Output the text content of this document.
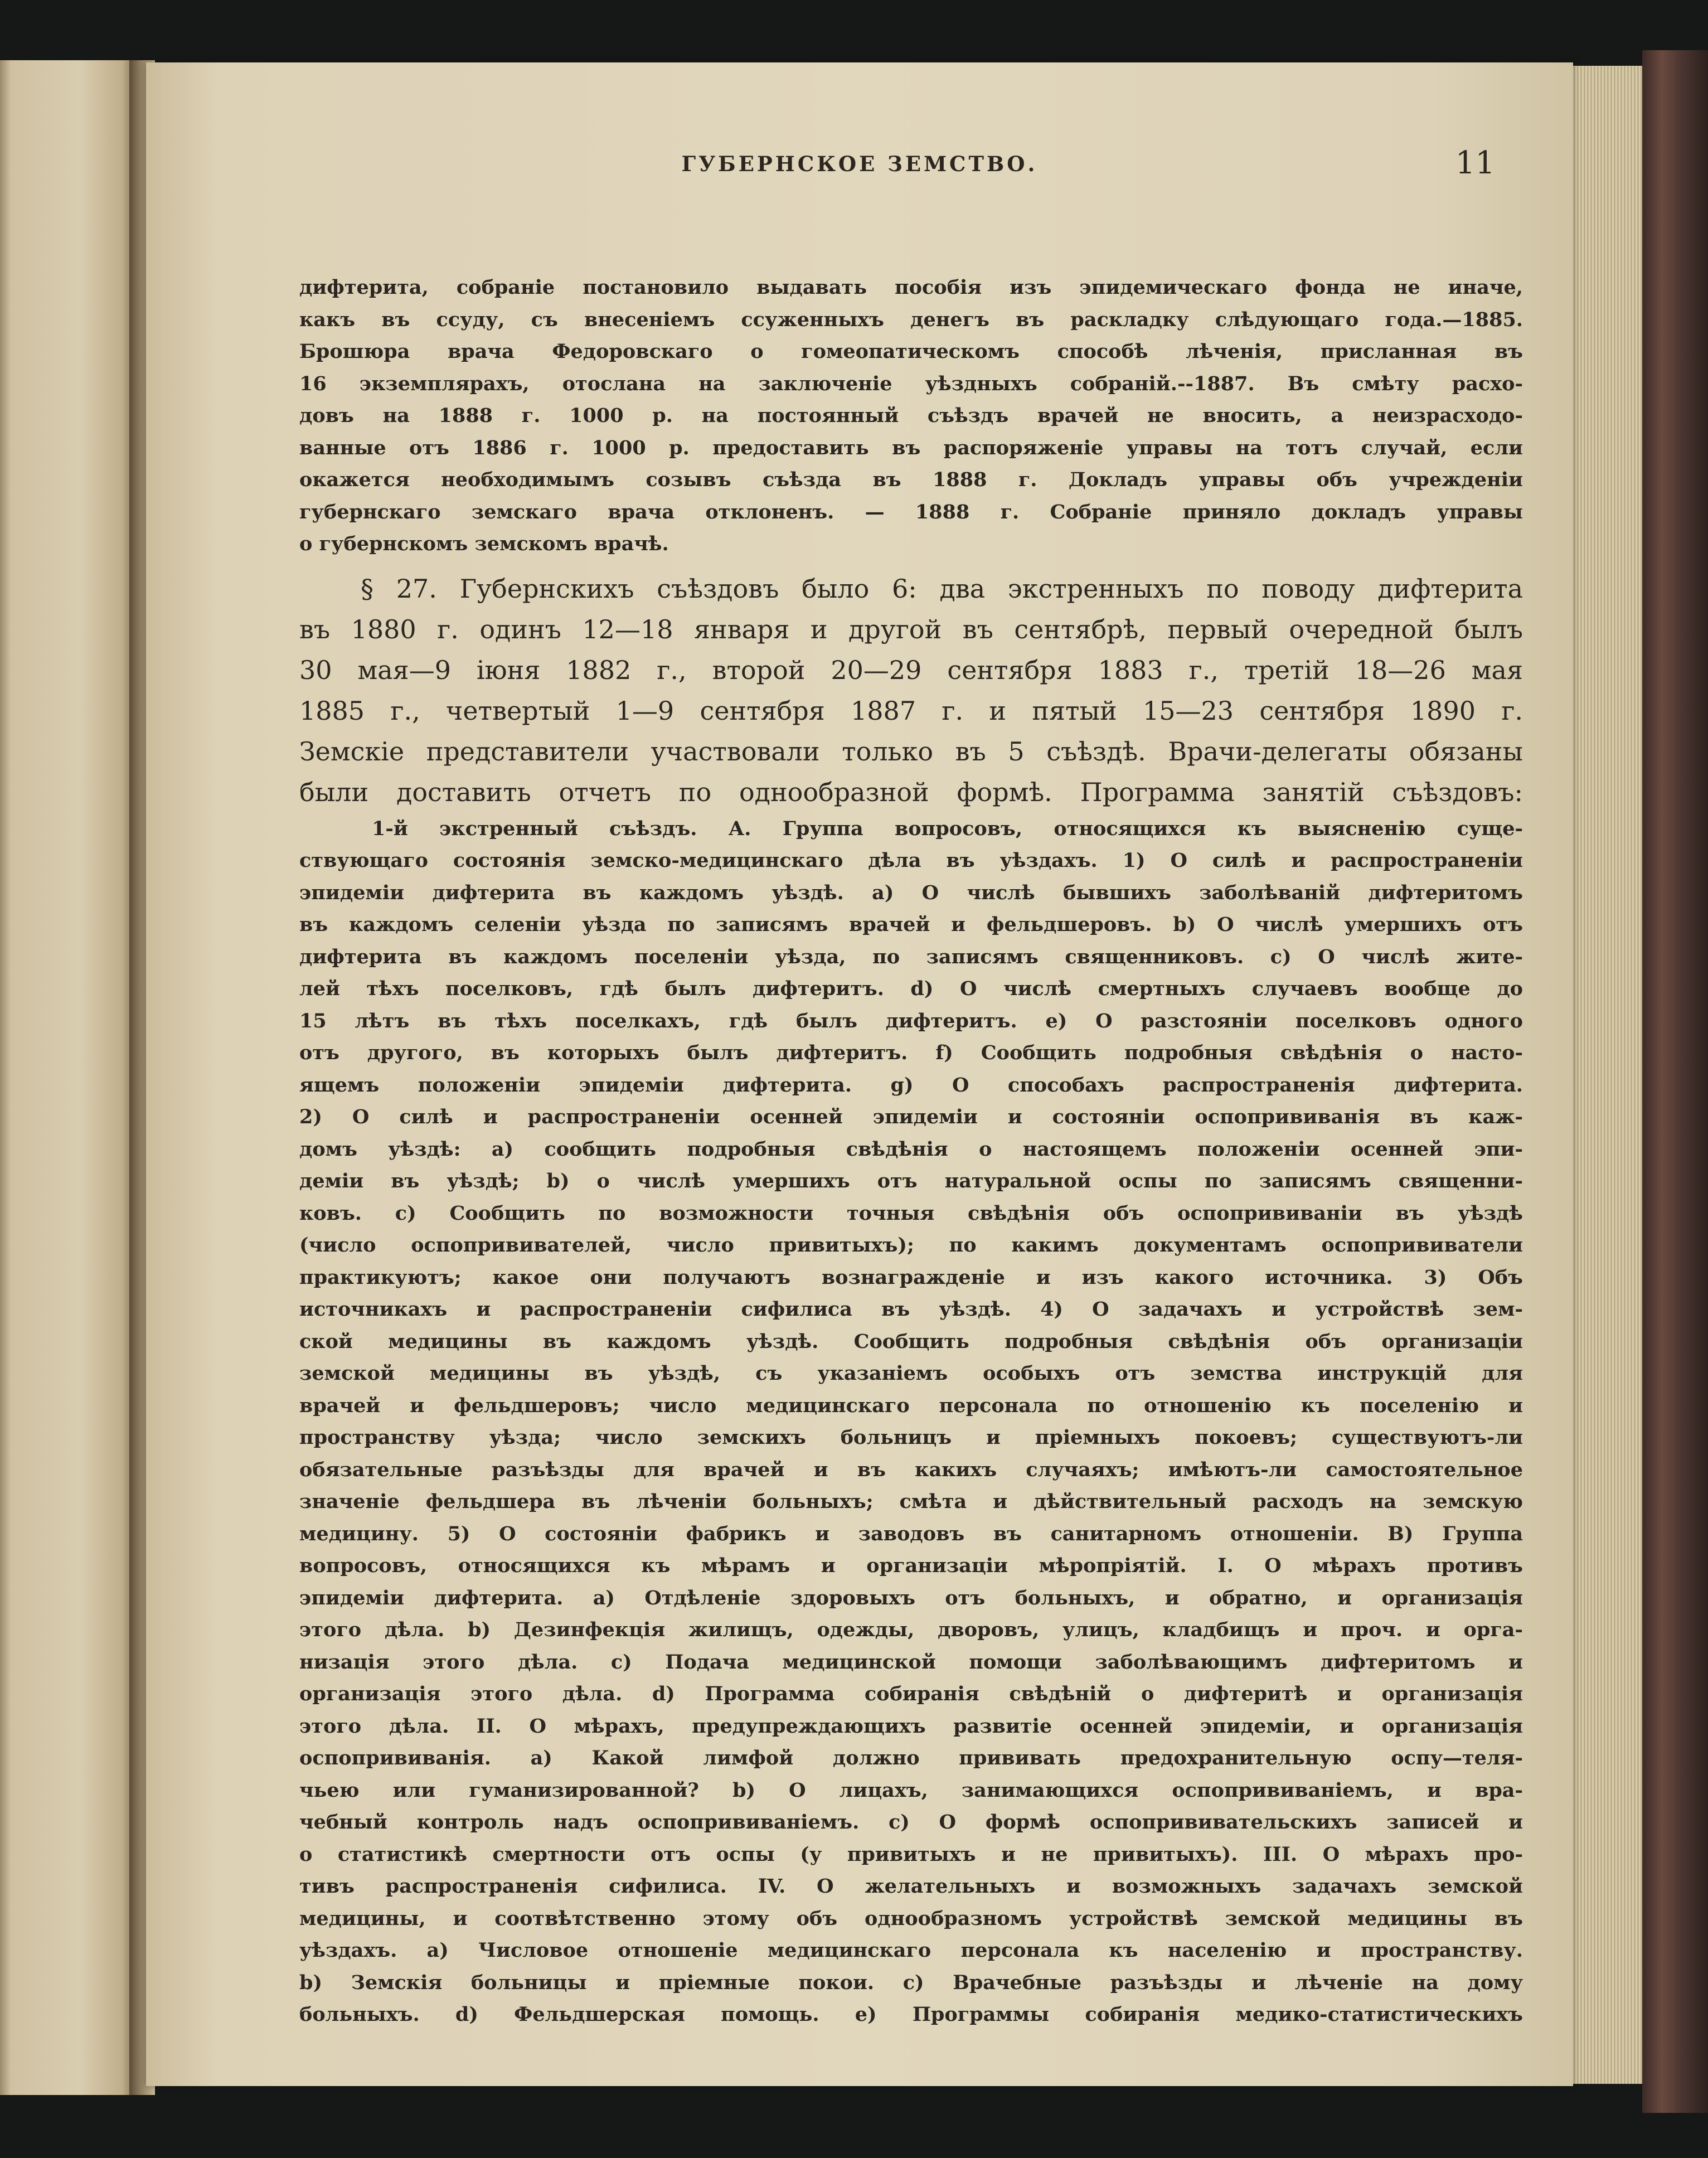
ГУБЕРНСКОЕ ЗЕМСТВО.	11
дифтерита, собраніе постановило выдавать пособія изъ эпидемическаго фонда не иначе,
какъ въ ссуду, съ внесеніемъ ссуженныхъ денегъ въ раскладку слѣдующаго года.—1885.
Брошюра врача Федоровскаго о гомеопатическомъ способѣ лѣченія, присланная въ
16 экземплярахъ, отослана на заключеніе уѣздныхъ собраній.--1887. Въ смѣту расхо-
довъ на 1888 г. 1000 р. на постоянный съѣздъ врачей не вносить, а неизрасходо-
ванные отъ 1886 г. 1000 р. предоставить въ распоряженіе управы на тотъ случай, если
окажется необходимымъ созывъ съѣзда въ 1888 г. Докладъ управы объ учрежденіи
губернскаго земскаго врача отклоненъ. — 1888 г. Собраніе приняло докладъ управы
о губернскомъ земскомъ врачѣ.
§ 27. Губернскихъ съѣздовъ было 6: два экстренныхъ по поводу дифтерита
въ 1880 г. одинъ 12—18 января и другой въ сентябрѣ, первый очередной былъ
30 мая—9 іюня 1882 г., второй 20—29 сентября 1883 г., третій 18—26 мая
1885 г., четвертый 1—9 сентября 1887 г. и пятый 15—23 сентября 1890 г.
Земскіе представители участвовали только въ 5 съѣздѣ. Врачи-делегаты обязаны
были доставить отчетъ по однообразной формѣ. Программа занятій съѣздовъ:
1-й экстренный съѣздъ. А. Группа вопросовъ, относящихся къ выясненію суще-
ствующаго состоянія земско-медицинскаго дѣла въ уѣздахъ. 1) О силѣ и распространеніи
эпидеміи дифтерита въ каждомъ уѣздѣ. а) О числѣ бывшихъ заболѣваній дифтеритомъ
въ каждомъ селеніи уѣзда по записямъ врачей и фельдшеровъ. b) О числѣ умершихъ отъ
дифтерита въ каждомъ поселеніи уѣзда, по записямъ священниковъ. c) О числѣ жите-
лей тѣхъ поселковъ, гдѣ былъ дифтеритъ. d) О числѣ смертныхъ случаевъ вообще до
15 лѣтъ въ тѣхъ поселкахъ, гдѣ былъ дифтеритъ. е) О разстояніи поселковъ одного
отъ другого, въ которыхъ былъ дифтеритъ. f) Сообщить подробныя свѣдѣнія о насто-
ящемъ положеніи эпидеміи дифтерита. g) О способахъ распространенія дифтерита.
2) О силѣ и распространеніи осенней эпидеміи и состояніи оспопрививанія въ каж-
домъ уѣздѣ: а) сообщить подробныя свѣдѣнія о настоящемъ положеніи осенней эпи-
деміи въ уѣздѣ; b) о числѣ умершихъ отъ натуральной оспы по записямъ священни-
ковъ. c) Сообщить по возможности точныя свѣдѣнія объ оспопрививаніи въ уѣздѣ
(число оспопрививателей, число привитыхъ); по какимъ документамъ оспопрививатели
практикуютъ; какое они получаютъ вознагражденіе и изъ какого источника. 3) Объ
источникахъ и распространеніи сифилиса въ уѣздѣ. 4) О задачахъ и устройствѣ зем-
ской медицины въ каждомъ уѣздѣ. Сообщить подробныя свѣдѣнія объ организаціи
земской медицины въ уѣздѣ, съ указаніемъ особыхъ отъ земства инструкцій для
врачей и фельдшеровъ; число медицинскаго персонала по отношенію къ поселенію и
пространству уѣзда; число земскихъ больницъ и пріемныхъ покоевъ; существуютъ-ли
обязательные разъѣзды для врачей и въ какихъ случаяхъ; имѣютъ-ли самостоятельное
значеніе фельдшера въ лѣченіи больныхъ; смѣта и дѣйствительный расходъ на земскую
медицину. 5) О состояніи фабрикъ и заводовъ въ санитарномъ отношеніи. B) Группа
вопросовъ, относящихся къ мѣрамъ и организаціи мѣропріятій. I. О мѣрахъ противъ
эпидеміи дифтерита. а) Отдѣленіе здоровыхъ отъ больныхъ, и обратно, и организація
этого дѣла. b) Дезинфекція жилищъ, одежды, дворовъ, улицъ, кладбищъ и проч. и орга-
низація этого дѣла. c) Подача медицинской помощи заболѣвающимъ дифтеритомъ и
организація этого дѣла. d) Программа собиранія свѣдѣній о дифтеритѣ и организація
этого дѣла. II. О мѣрахъ, предупреждающихъ развитіе осенней эпидеміи, и организація
оспопрививанія. а) Какой лимфой должно прививать предохранительную оспу—теля-
чьею или гуманизированной? b) О лицахъ, занимающихся оспопрививаніемъ, и вра-
чебный контроль надъ оспопрививаніемъ. c) О формѣ оспопрививательскихъ записей и
о статистикѣ смертности отъ оспы (у привитыхъ и не привитыхъ). III. О мѣрахъ про-
тивъ распространенія сифилиса. IV. О желательныхъ и возможныхъ задачахъ земской
медицины, и соотвѣтственно этому объ однообразномъ устройствѣ земской медицины въ
уѣздахъ. а) Числовое отношеніе медицинскаго персонала къ населенію и пространству.
b) Земскія больницы и пріемные покои. c) Врачебные разъѣзды и лѣченіе на дому
больныхъ. d) Фельдшерская помощь. е) Программы собиранія медико-статистическихъ
